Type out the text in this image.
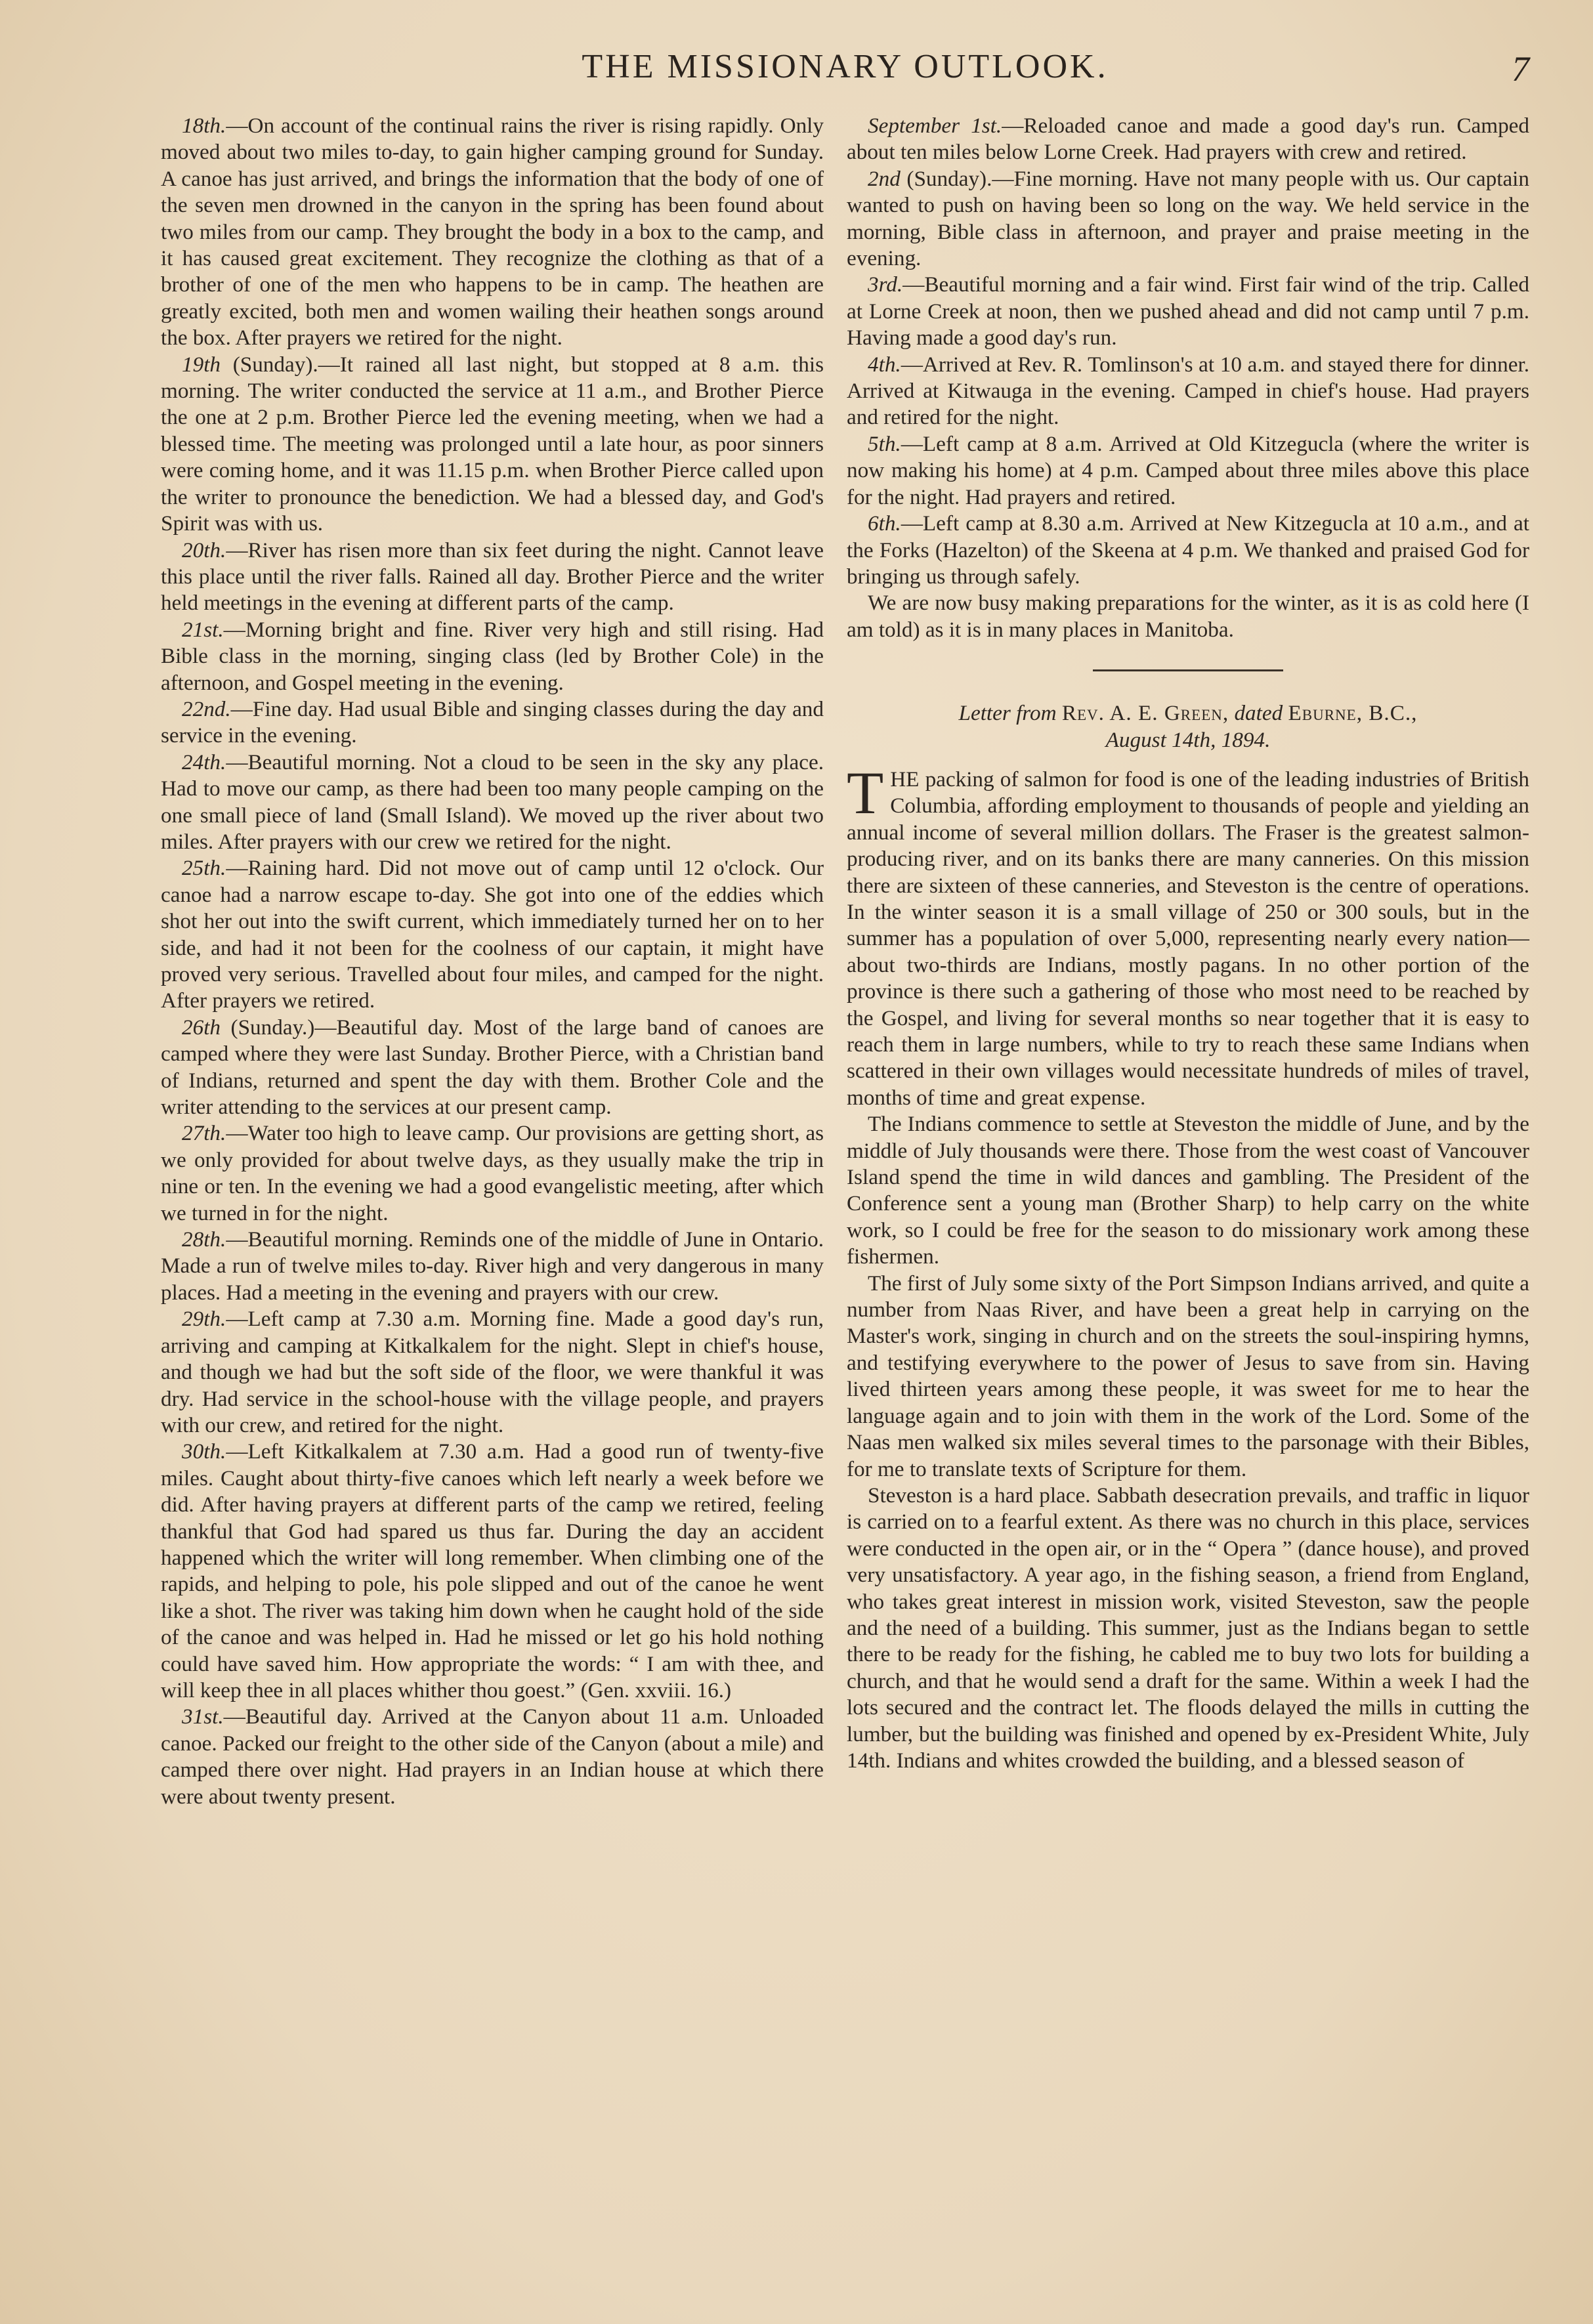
THE MISSIONARY OUTLOOK.	7

18th.—On account of the continual rains the river is rising rapidly. Only moved about two miles to-day, to gain higher camping ground for Sunday. A canoe has just arrived, and brings the information that the body of one of the seven men drowned in the canyon in the spring has been found about two miles from our camp. They brought the body in a box to the camp, and it has caused great excitement. They recognize the clothing as that of a brother of one of the men who happens to be in camp. The heathen are greatly excited, both men and women wailing their heathen songs around the box. After prayers we retired for the night.

19th (Sunday).—It rained all last night, but stopped at 8 a.m. this morning. The writer conducted the service at 11 a.m., and Brother Pierce the one at 2 p.m. Brother Pierce led the evening meeting, when we had a blessed time. The meeting was prolonged until a late hour, as poor sinners were coming home, and it was 11.15 p.m. when Brother Pierce called upon the writer to pronounce the benediction. We had a blessed day, and God's Spirit was with us.

20th.—River has risen more than six feet during the night. Cannot leave this place until the river falls. Rained all day. Brother Pierce and the writer held meetings in the evening at different parts of the camp.

21st.—Morning bright and fine. River very high and still rising. Had Bible class in the morning, singing class (led by Brother Cole) in the afternoon, and Gospel meeting in the evening.

22nd.—Fine day. Had usual Bible and singing classes during the day and service in the evening.

24th.—Beautiful morning. Not a cloud to be seen in the sky any place. Had to move our camp, as there had been too many people camping on the one small piece of land (Small Island). We moved up the river about two miles. After prayers with our crew we retired for the night.

25th.—Raining hard. Did not move out of camp until 12 o'clock. Our canoe had a narrow escape to-day. She got into one of the eddies which shot her out into the swift current, which immediately turned her on to her side, and had it not been for the coolness of our captain, it might have proved very serious. Travelled about four miles, and camped for the night. After prayers we retired.

26th (Sunday.)—Beautiful day. Most of the large band of canoes are camped where they were last Sunday. Brother Pierce, with a Christian band of Indians, returned and spent the day with them. Brother Cole and the writer attending to the services at our present camp.

27th.—Water too high to leave camp. Our provisions are getting short, as we only provided for about twelve days, as they usually make the trip in nine or ten. In the evening we had a good evangelistic meeting, after which we turned in for the night.

28th.—Beautiful morning. Reminds one of the middle of June in Ontario. Made a run of twelve miles to-day. River high and very dangerous in many places. Had a meeting in the evening and prayers with our crew.

29th.—Left camp at 7.30 a.m. Morning fine. Made a good day's run, arriving and camping at Kitkalkalem for the night. Slept in chief's house, and though we had but the soft side of the floor, we were thankful it was dry. Had service in the school-house with the village people, and prayers with our crew, and retired for the night.

30th.—Left Kitkalkalem at 7.30 a.m. Had a good run of twenty-five miles. Caught about thirty-five canoes which left nearly a week before we did. After having prayers at different parts of the camp we retired, feeling thankful that God had spared us thus far. During the day an accident happened which the writer will long remember. When climbing one of the rapids, and helping to pole, his pole slipped and out of the canoe he went like a shot. The river was taking him down when he caught hold of the side of the canoe and was helped in. Had he missed or let go his hold nothing could have saved him. How appropriate the words: “ I am with thee, and will keep thee in all places whither thou goest.” (Gen. xxviii. 16.)

31st.—Beautiful day. Arrived at the Canyon about 11 a.m. Unloaded canoe. Packed our freight to the other side of the Canyon (about a mile) and camped there over night. Had prayers in an Indian house at which there were about twenty present.

September 1st.—Reloaded canoe and made a good day's run. Camped about ten miles below Lorne Creek. Had prayers with crew and retired.

2nd (Sunday).—Fine morning. Have not many people with us. Our captain wanted to push on having been so long on the way. We held service in the morning, Bible class in afternoon, and prayer and praise meeting in the evening.

3rd.—Beautiful morning and a fair wind. First fair wind of the trip. Called at Lorne Creek at noon, then we pushed ahead and did not camp until 7 p.m. Having made a good day's run.

4th.—Arrived at Rev. R. Tomlinson's at 10 a.m. and stayed there for dinner. Arrived at Kitwauga in the evening. Camped in chief's house. Had prayers and retired for the night.

5th.—Left camp at 8 a.m. Arrived at Old Kitzegucla (where the writer is now making his home) at 4 p.m. Camped about three miles above this place for the night. Had prayers and retired.

6th.—Left camp at 8.30 a.m. Arrived at New Kitzegucla at 10 a.m., and at the Forks (Hazelton) of the Skeena at 4 p.m. We thanked and praised God for bringing us through safely.

We are now busy making preparations for the winter, as it is as cold here (I am told) as it is in many places in Manitoba.

Letter from Rev. A. E. Green, dated Eburne, B.C.,
August 14th, 1894.

THE packing of salmon for food is one of the leading industries of British Columbia, affording employment to thousands of people and yielding an annual income of several million dollars. The Fraser is the greatest salmon-producing river, and on its banks there are many canneries. On this mission there are sixteen of these canneries, and Steveston is the centre of operations. In the winter season it is a small village of 250 or 300 souls, but in the summer has a population of over 5,000, representing nearly every nation—about two-thirds are Indians, mostly pagans. In no other portion of the province is there such a gathering of those who most need to be reached by the Gospel, and living for several months so near together that it is easy to reach them in large numbers, while to try to reach these same Indians when scattered in their own villages would necessitate hundreds of miles of travel, months of time and great expense.

The Indians commence to settle at Steveston the middle of June, and by the middle of July thousands were there. Those from the west coast of Vancouver Island spend the time in wild dances and gambling. The President of the Conference sent a young man (Brother Sharp) to help carry on the white work, so I could be free for the season to do missionary work among these fishermen.

The first of July some sixty of the Port Simpson Indians arrived, and quite a number from Naas River, and have been a great help in carrying on the Master's work, singing in church and on the streets the soul-inspiring hymns, and testifying everywhere to the power of Jesus to save from sin. Having lived thirteen years among these people, it was sweet for me to hear the language again and to join with them in the work of the Lord. Some of the Naas men walked six miles several times to the parsonage with their Bibles, for me to translate texts of Scripture for them.

Steveston is a hard place. Sabbath desecration prevails, and traffic in liquor is carried on to a fearful extent. As there was no church in this place, services were conducted in the open air, or in the “ Opera ” (dance house), and proved very unsatisfactory. A year ago, in the fishing season, a friend from England, who takes great interest in mission work, visited Steveston, saw the people and the need of a building. This summer, just as the Indians began to settle there to be ready for the fishing, he cabled me to buy two lots for building a church, and that he would send a draft for the same. Within a week I had the lots secured and the contract let. The floods delayed the mills in cutting the lumber, but the building was finished and opened by ex-President White, July 14th. Indians and whites crowded the building, and a blessed season of
